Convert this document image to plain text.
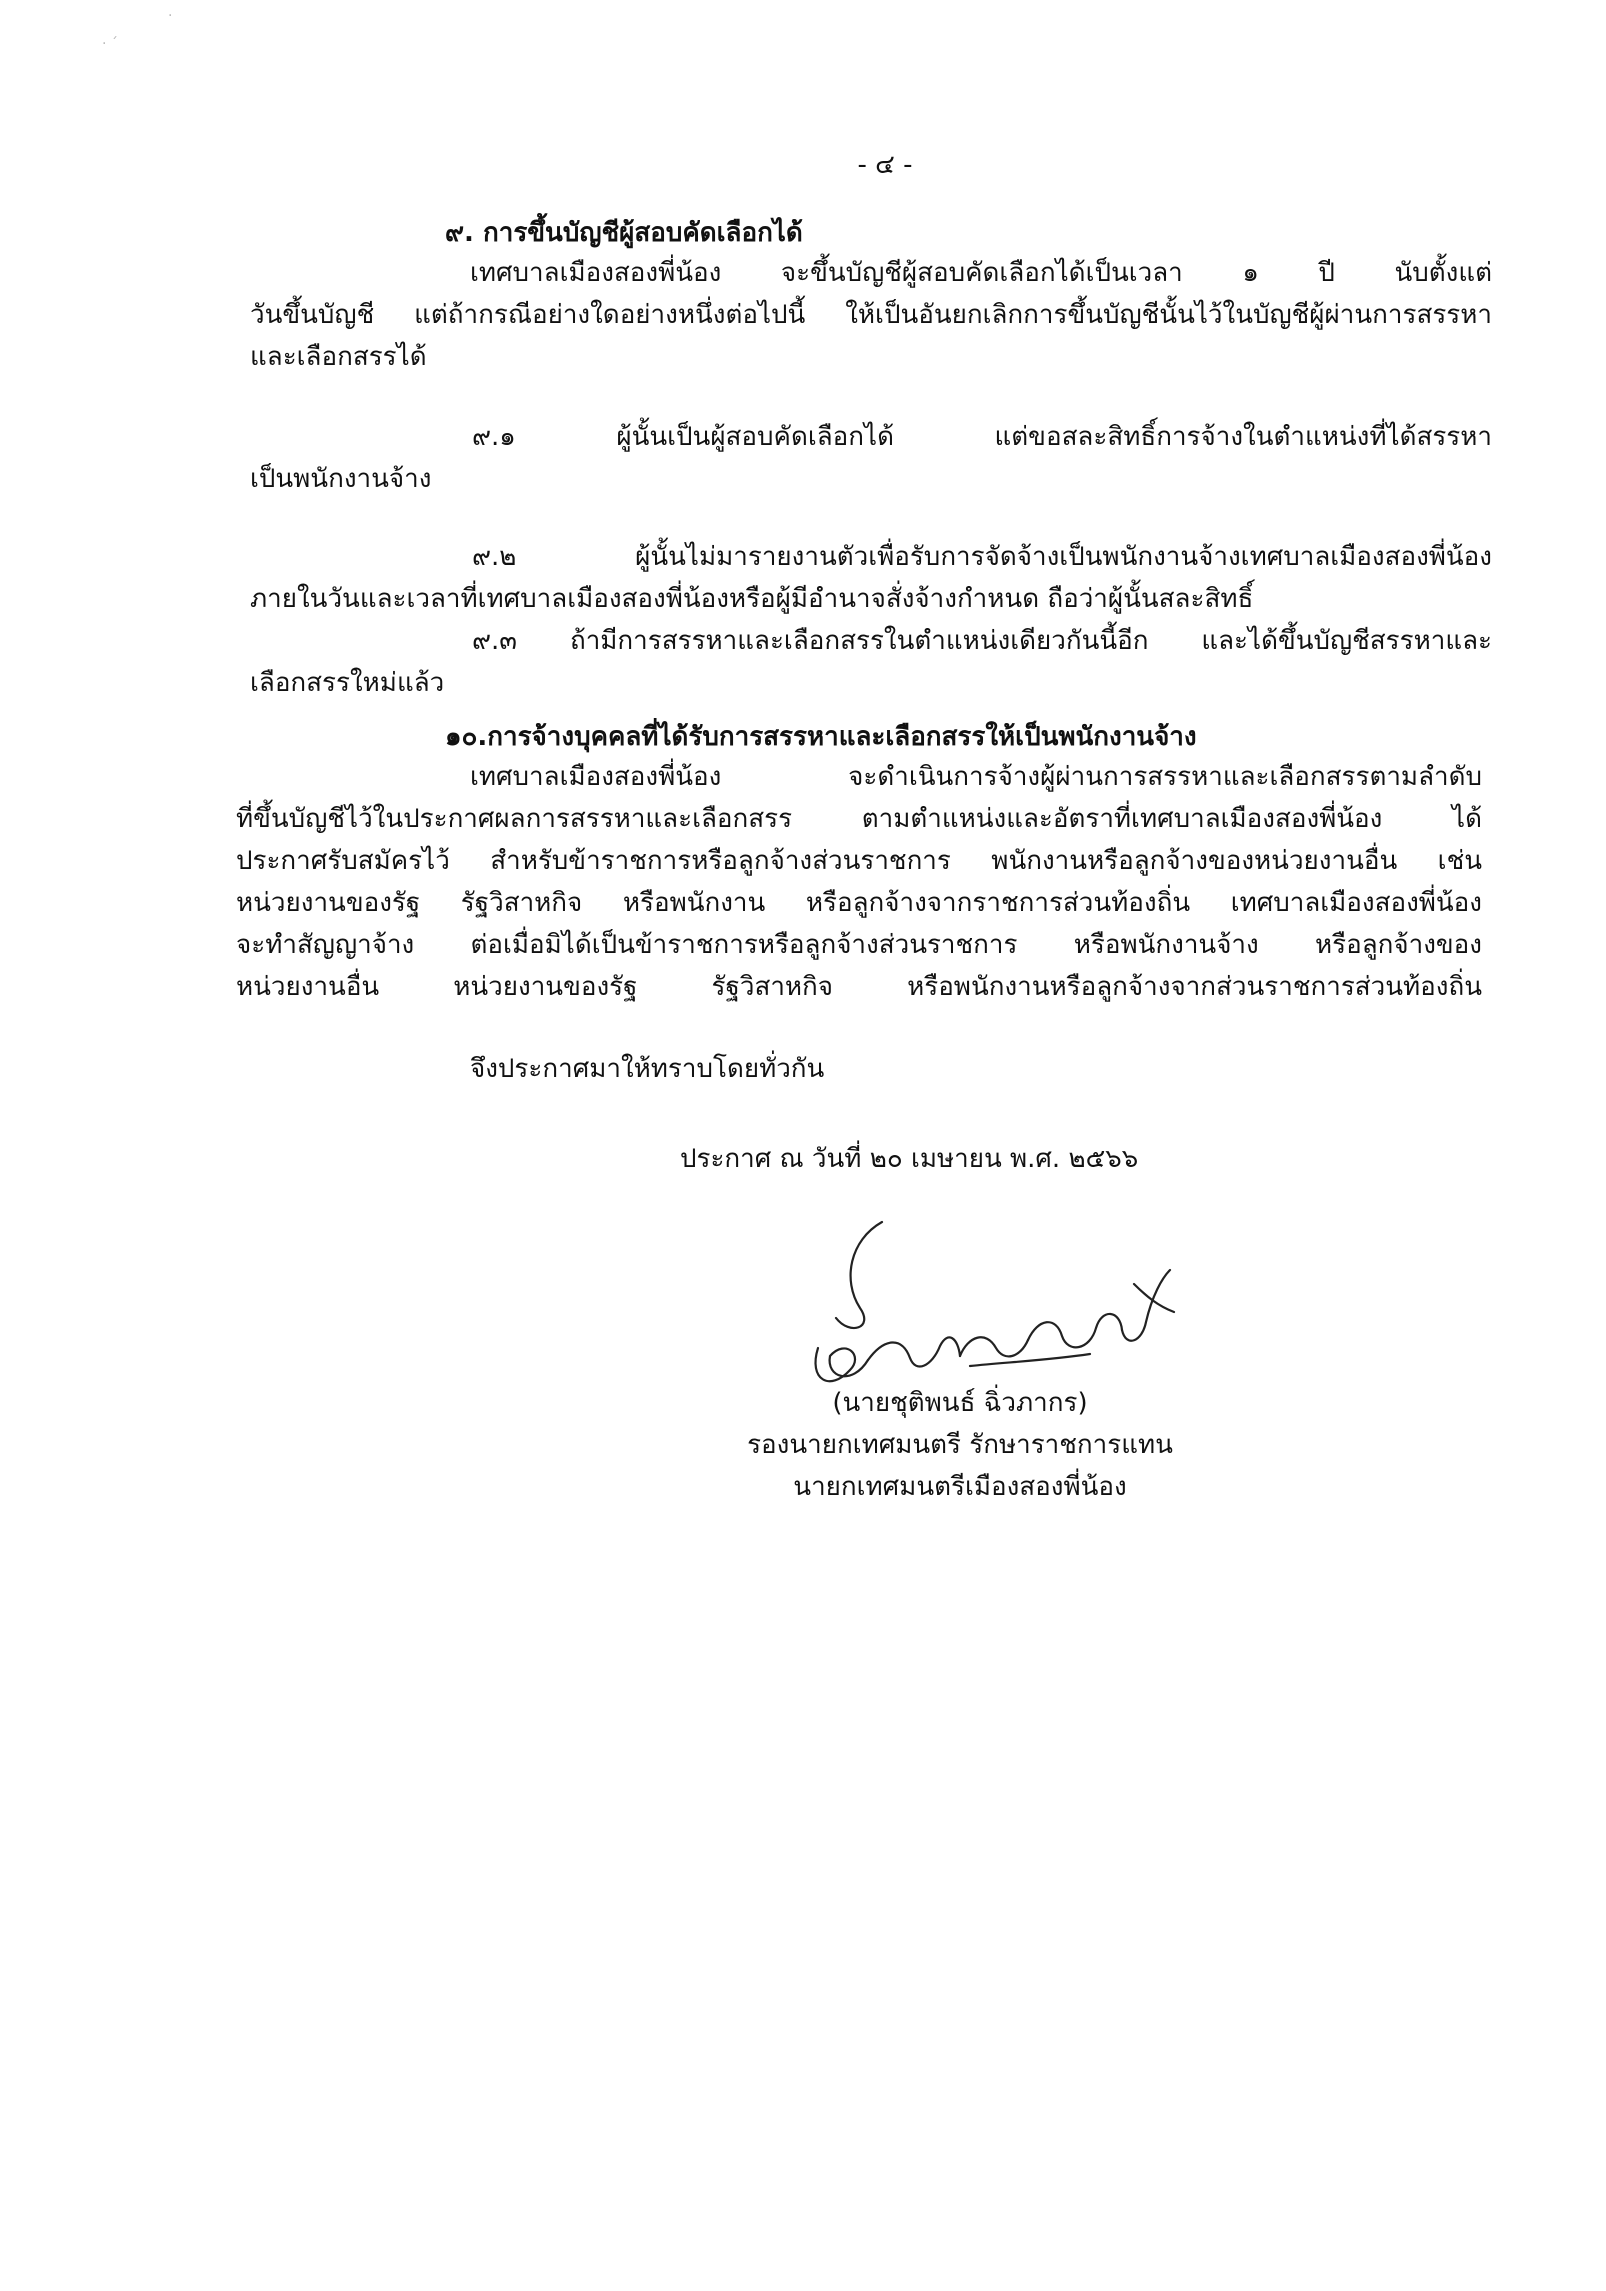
·
· ˊ
- ๔ -
๙. การขึ้นบัญชีผู้สอบคัดเลือกได้
เทศบาลเมืองสองพี่น้อง จะขึ้นบัญชีผู้สอบคัดเลือกได้เป็นเวลา ๑ ปี นับตั้งแต่
วันขึ้นบัญชี แต่ถ้ากรณีอย่างใดอย่างหนึ่งต่อไปนี้ ให้เป็นอันยกเลิกการขึ้นบัญชีนั้นไว้ในบัญชีผู้ผ่านการสรรหา
และเลือกสรรได้
๙.๑ ผู้นั้นเป็นผู้สอบคัดเลือกได้ แต่ขอสละสิทธิ์การจ้างในตำแหน่งที่ได้สรรหา
เป็นพนักงานจ้าง
๙.๒ ผู้นั้นไม่มารายงานตัวเพื่อรับการจัดจ้างเป็นพนักงานจ้างเทศบาลเมืองสองพี่น้อง
ภายในวันและเวลาที่เทศบาลเมืองสองพี่น้องหรือผู้มีอำนาจสั่งจ้างกำหนด ถือว่าผู้นั้นสละสิทธิ์
๙.๓ ถ้ามีการสรรหาและเลือกสรรในตำแหน่งเดียวกันนี้อีก และได้ขึ้นบัญชีสรรหาและ
เลือกสรรใหม่แล้ว
๑๐.การจ้างบุคคลที่ได้รับการสรรหาและเลือกสรรให้เป็นพนักงานจ้าง
เทศบาลเมืองสองพี่น้อง จะดำเนินการจ้างผู้ผ่านการสรรหาและเลือกสรรตามลำดับ
ที่ขึ้นบัญชีไว้ในประกาศผลการสรรหาและเลือกสรร ตามตำแหน่งและอัตราที่เทศบาลเมืองสองพี่น้อง ได้
ประกาศรับสมัครไว้ สำหรับข้าราชการหรือลูกจ้างส่วนราชการ พนักงานหรือลูกจ้างของหน่วยงานอื่น เช่น
หน่วยงานของรัฐ รัฐวิสาหกิจ หรือพนักงาน หรือลูกจ้างจากราชการส่วนท้องถิ่น เทศบาลเมืองสองพี่น้อง
จะทำสัญญาจ้าง ต่อเมื่อมิได้เป็นข้าราชการหรือลูกจ้างส่วนราชการ หรือพนักงานจ้าง หรือลูกจ้างของ
หน่วยงานอื่น หน่วยงานของรัฐ รัฐวิสาหกิจ หรือพนักงานหรือลูกจ้างจากส่วนราชการส่วนท้องถิ่น
จึงประกาศมาให้ทราบโดยทั่วกัน
ประกาศ ณ วันที่ ๒๐ เมษายน พ.ศ. ๒๕๖๖
(นายชุติพนธ์ ฉิ่วภากร)
รองนายกเทศมนตรี รักษาราชการแทน
นายกเทศมนตรีเมืองสองพี่น้อง
